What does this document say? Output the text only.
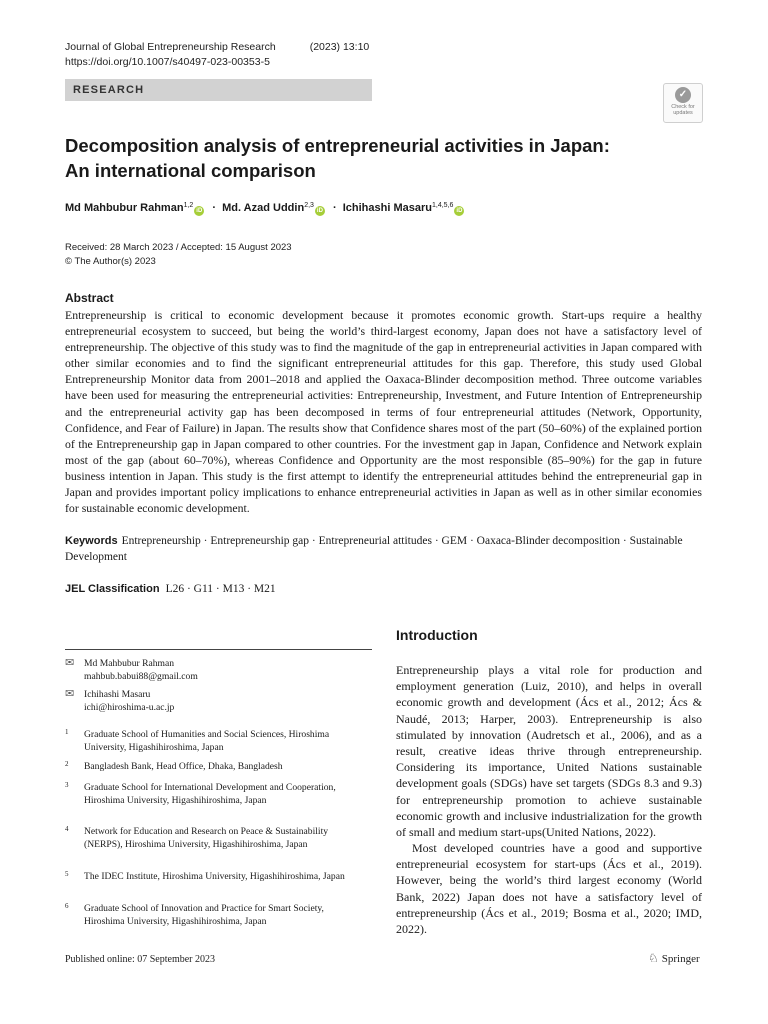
Journal of Global Entrepreneurship Research	(2023) 13:10
https://doi.org/10.1007/s40497-023-00353-5
RESEARCH	✓
Check for
updates
Decomposition analysis of entrepreneurial activities in Japan:
An international comparison
Md Mahbubur Rahman$^{1,2}$iD · Md. Azad Uddin$^{2,3}$iD · Ichihashi Masaru$^{1,4,5,6}$iD
Received: 28 March 2023 / Accepted: 15 August 2023
© The Author(s) 2023
Abstract
Entrepreneurship is critical to economic development because it promotes economic growth. Start-ups require a healthy entrepreneurial ecosystem to succeed, but being the world’s third-largest economy, Japan does not have a satisfactory level of entrepreneurship. The objective of this study was to find the magnitude of the gap in entrepreneurial activities in Japan compared with other similar economies and to find the significant entrepreneurial attitudes for this gap. Therefore, this study used Global Entrepreneurship Monitor data from 2001–2018 and applied the Oaxaca-Blinder decomposition method. Three outcome variables have been used for measuring the entrepreneurial activities: Entrepreneurship, Investment, and Future Intention of Entrepreneurship and the entrepreneurial activity gap has been decomposed in terms of four entrepreneurial attitudes (Network, Opportunity, Confidence, and Fear of Failure) in Japan. The results show that Confidence shares most of the part (50–60%) of the explained portion of the Entrepreneurship gap in Japan compared to other countries. For the investment gap in Japan, Confidence and Network explain most of the gap (about 60–70%), whereas Confidence and Opportunity are the most responsible (85–90%) for the gap in future business intention in Japan. This study is the first attempt to identify the entrepreneurial attitudes behind the entrepreneurial gap in Japan and provides important policy implications to enhance entrepreneurial activities in Japan as well as in other similar economies for sustainable economic development.
Keywords Entrepreneurship · Entrepreneurship gap · Entrepreneurial attitudes · GEM · Oaxaca-Blinder decomposition · Sustainable Development
JEL Classification L26 · G11 · M13 · M21
✉ Md Mahbubur Rahman
mahbub.babui88@gmail.com
✉ Ichihashi Masaru
ichi@hiroshima-u.ac.jp
1 Graduate School of Humanities and Social Sciences, Hiroshima University, Higashihiroshima, Japan
2 Bangladesh Bank, Head Office, Dhaka, Bangladesh
3 Graduate School for International Development and Cooperation, Hiroshima University, Higashihiroshima, Japan
4 Network for Education and Research on Peace & Sustainability (NERPS), Hiroshima University, Higashihiroshima, Japan
5 The IDEC Institute, Hiroshima University, Higashihiroshima, Japan
6 Graduate School of Innovation and Practice for Smart Society, Hiroshima University, Higashihiroshima, Japan
Introduction
Entrepreneurship plays a vital role for production and employment generation (Luiz, 2010), and helps in overall economic growth and development (Ács et al., 2012; Ács & Naudé, 2013; Harper, 2003). Entrepreneurship is also stimulated by innovation (Audretsch et al., 2006), and as a result, creative ideas thrive through entrepreneurship. Considering its importance, United Nations sustainable development goals (SDGs) have set targets (SDGs 8.3 and 9.3) for entrepreneurship promotion to achieve sustainable economic growth and inclusive industrialization for the growth of small and medium start-ups(United Nations, 2022).
Most developed countries have a good and supportive entrepreneurial ecosystem for start-ups (Ács et al., 2019). However, being the world’s third largest economy (World Bank, 2022) Japan does not have a satisfactory level of entrepreneurship (Ács et al., 2019; Bosma et al., 2020; IMD, 2022).
Published online: 07 September 2023	♘ Springer
